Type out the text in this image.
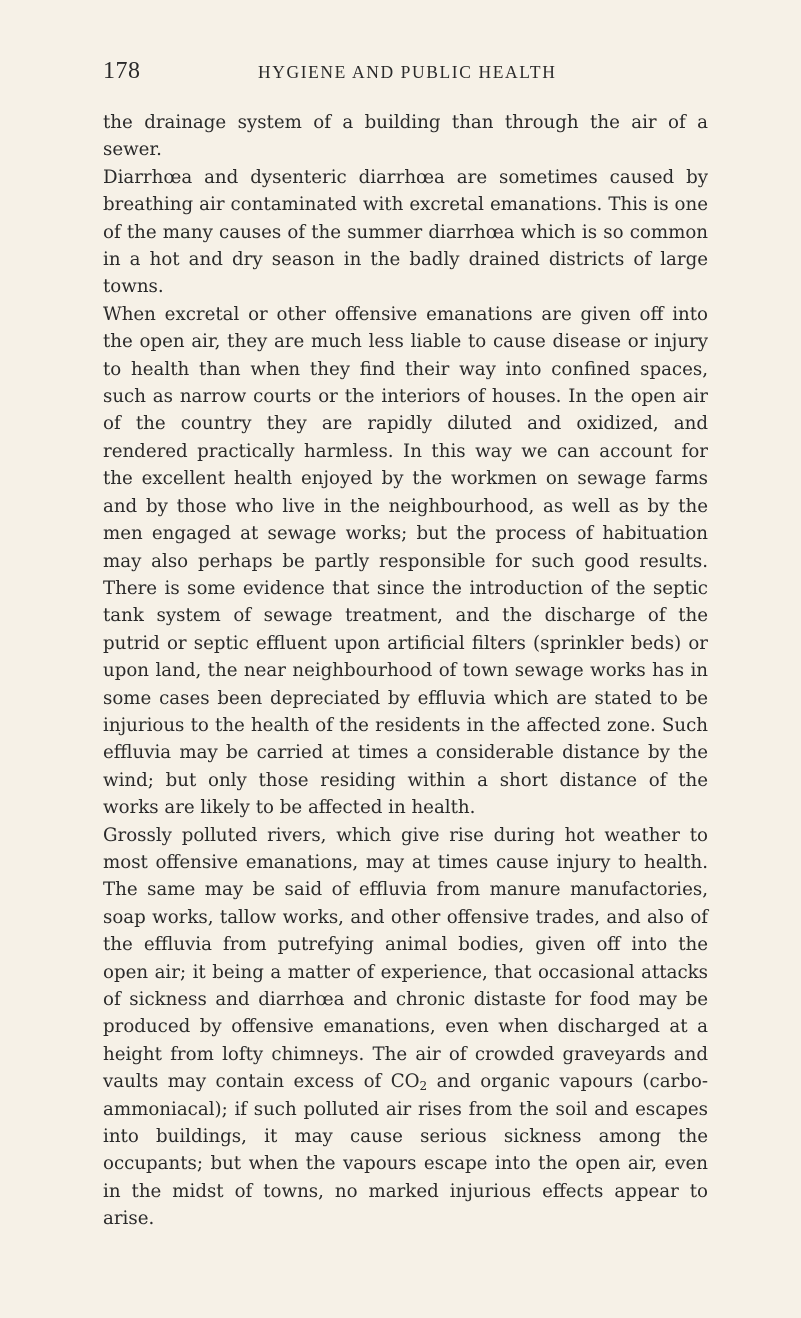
178	HYGIENE AND PUBLIC HEALTH

the drainage system of a building than through the air of a sewer.

Diarrhœa and dysenteric diarrhœa are sometimes caused by breathing air contaminated with excretal emanations. This is one of the many causes of the summer diarrhœa which is so common in a hot and dry season in the badly drained districts of large towns.

When excretal or other offensive emanations are given off into the open air, they are much less liable to cause disease or injury to health than when they find their way into confined spaces, such as narrow courts or the interiors of houses. In the open air of the country they are rapidly diluted and oxidized, and rendered practically harmless. In this way we can account for the excellent health enjoyed by the workmen on sewage farms and by those who live in the neighbourhood, as well as by the men engaged at sewage works; but the process of habituation may also perhaps be partly responsible for such good results. There is some evidence that since the introduction of the septic tank system of sewage treatment, and the discharge of the putrid or septic effluent upon artificial filters (sprinkler beds) or upon land, the near neighbourhood of town sewage works has in some cases been depreciated by effluvia which are stated to be injurious to the health of the residents in the affected zone. Such effluvia may be carried at times a considerable distance by the wind; but only those residing within a short distance of the works are likely to be affected in health.

Grossly polluted rivers, which give rise during hot weather to most offensive emanations, may at times cause injury to health. The same may be said of effluvia from manure manufactories, soap works, tallow works, and other offensive trades, and also of the effluvia from putrefying animal bodies, given off into the open air; it being a matter of experience, that occasional attacks of sickness and diarrhœa and chronic distaste for food may be produced by offensive emanations, even when discharged at a height from lofty chimneys. The air of crowded graveyards and vaults may contain excess of $CO_2$ and organic vapours (carbo-ammoniacal); if such polluted air rises from the soil and escapes into buildings, it may cause serious sickness among the occupants; but when the vapours escape into the open air, even in the midst of towns, no marked injurious effects appear to arise.
